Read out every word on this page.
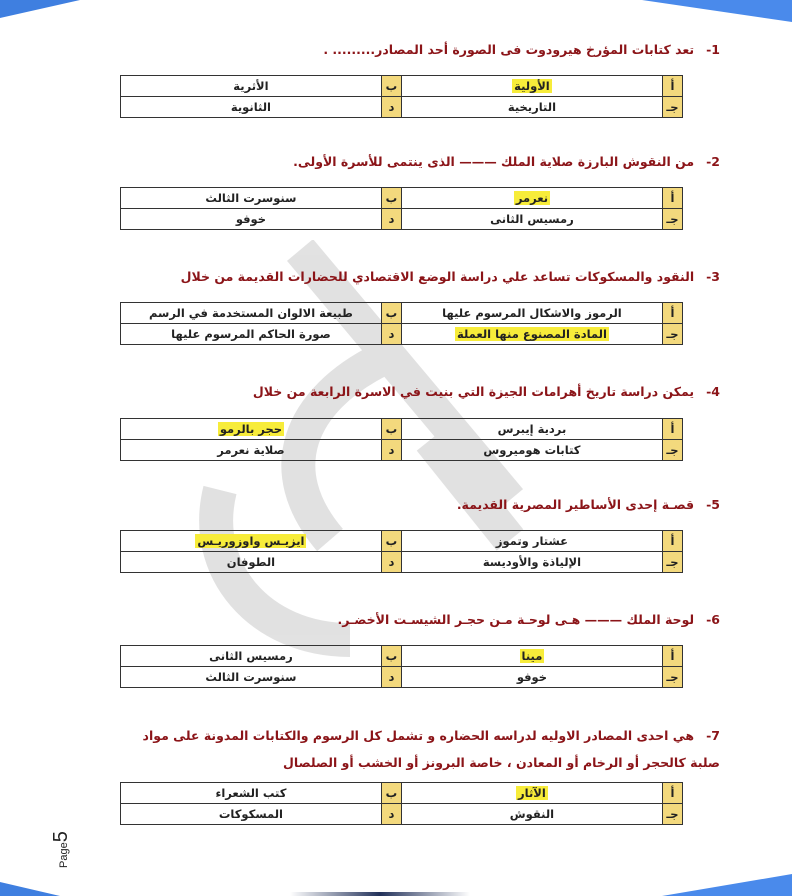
-1تعد كتابات المؤرخ هيرودوت فى الصورة أحد المصادر......... .
أ	الأولية	ب	الأثرية
جـ	التاريخية	د	الثانوية
-2من النقوش البارزة صلاية الملك ——— الذى ينتمى للأسرة الأولى.
أ	نعرمر	ب	سنوسرت الثالث
جـ	رمسيس الثانى	د	خوفو
-3النقود والمسكوكات تساعد علي دراسة الوضع الاقتصادي للحضارات القديمة من خلال
أ	الرموز والاشكال المرسوم عليها	ب	طبيعة الالوان المستخدمة في الرسم
جـ	المادة المصنوع منها العملة	د	صورة الحاكم المرسوم عليها
-4يمكن دراسة تاريخ أهرامات الجيزة التي بنيت في الاسرة الرابعة من خلال
أ	بردية إيبرس	ب	حجر بالرمو
جـ	كتابات هوميروس	د	صلاية نعرمر
-5قصـة إحدى الأساطير المصرية القديمة.
أ	عشتار وتموز	ب	ايزيـس واوزوريـس
جـ	الإلياذة والأوديسة	د	الطوفان
-6لوحة الملك ——— هـى لوحـة مـن حجـر الشيسـت الأخضـر.
أ	مينا	ب	رمسيس الثانى
جـ	خوفو	د	سنوسرت الثالث
-7هي احدى المصادر الاوليه لدراسه الحضاره و تشمل كل الرسوم والكتابات المدونة على مواد صلبة كالحجر أو الرخام أو المعادن ، خاصة البرونز أو الخشب أو الصلصال
أ	الآثار	ب	كتب الشعراء
جـ	النقوش	د	المسكوكات
Page5
